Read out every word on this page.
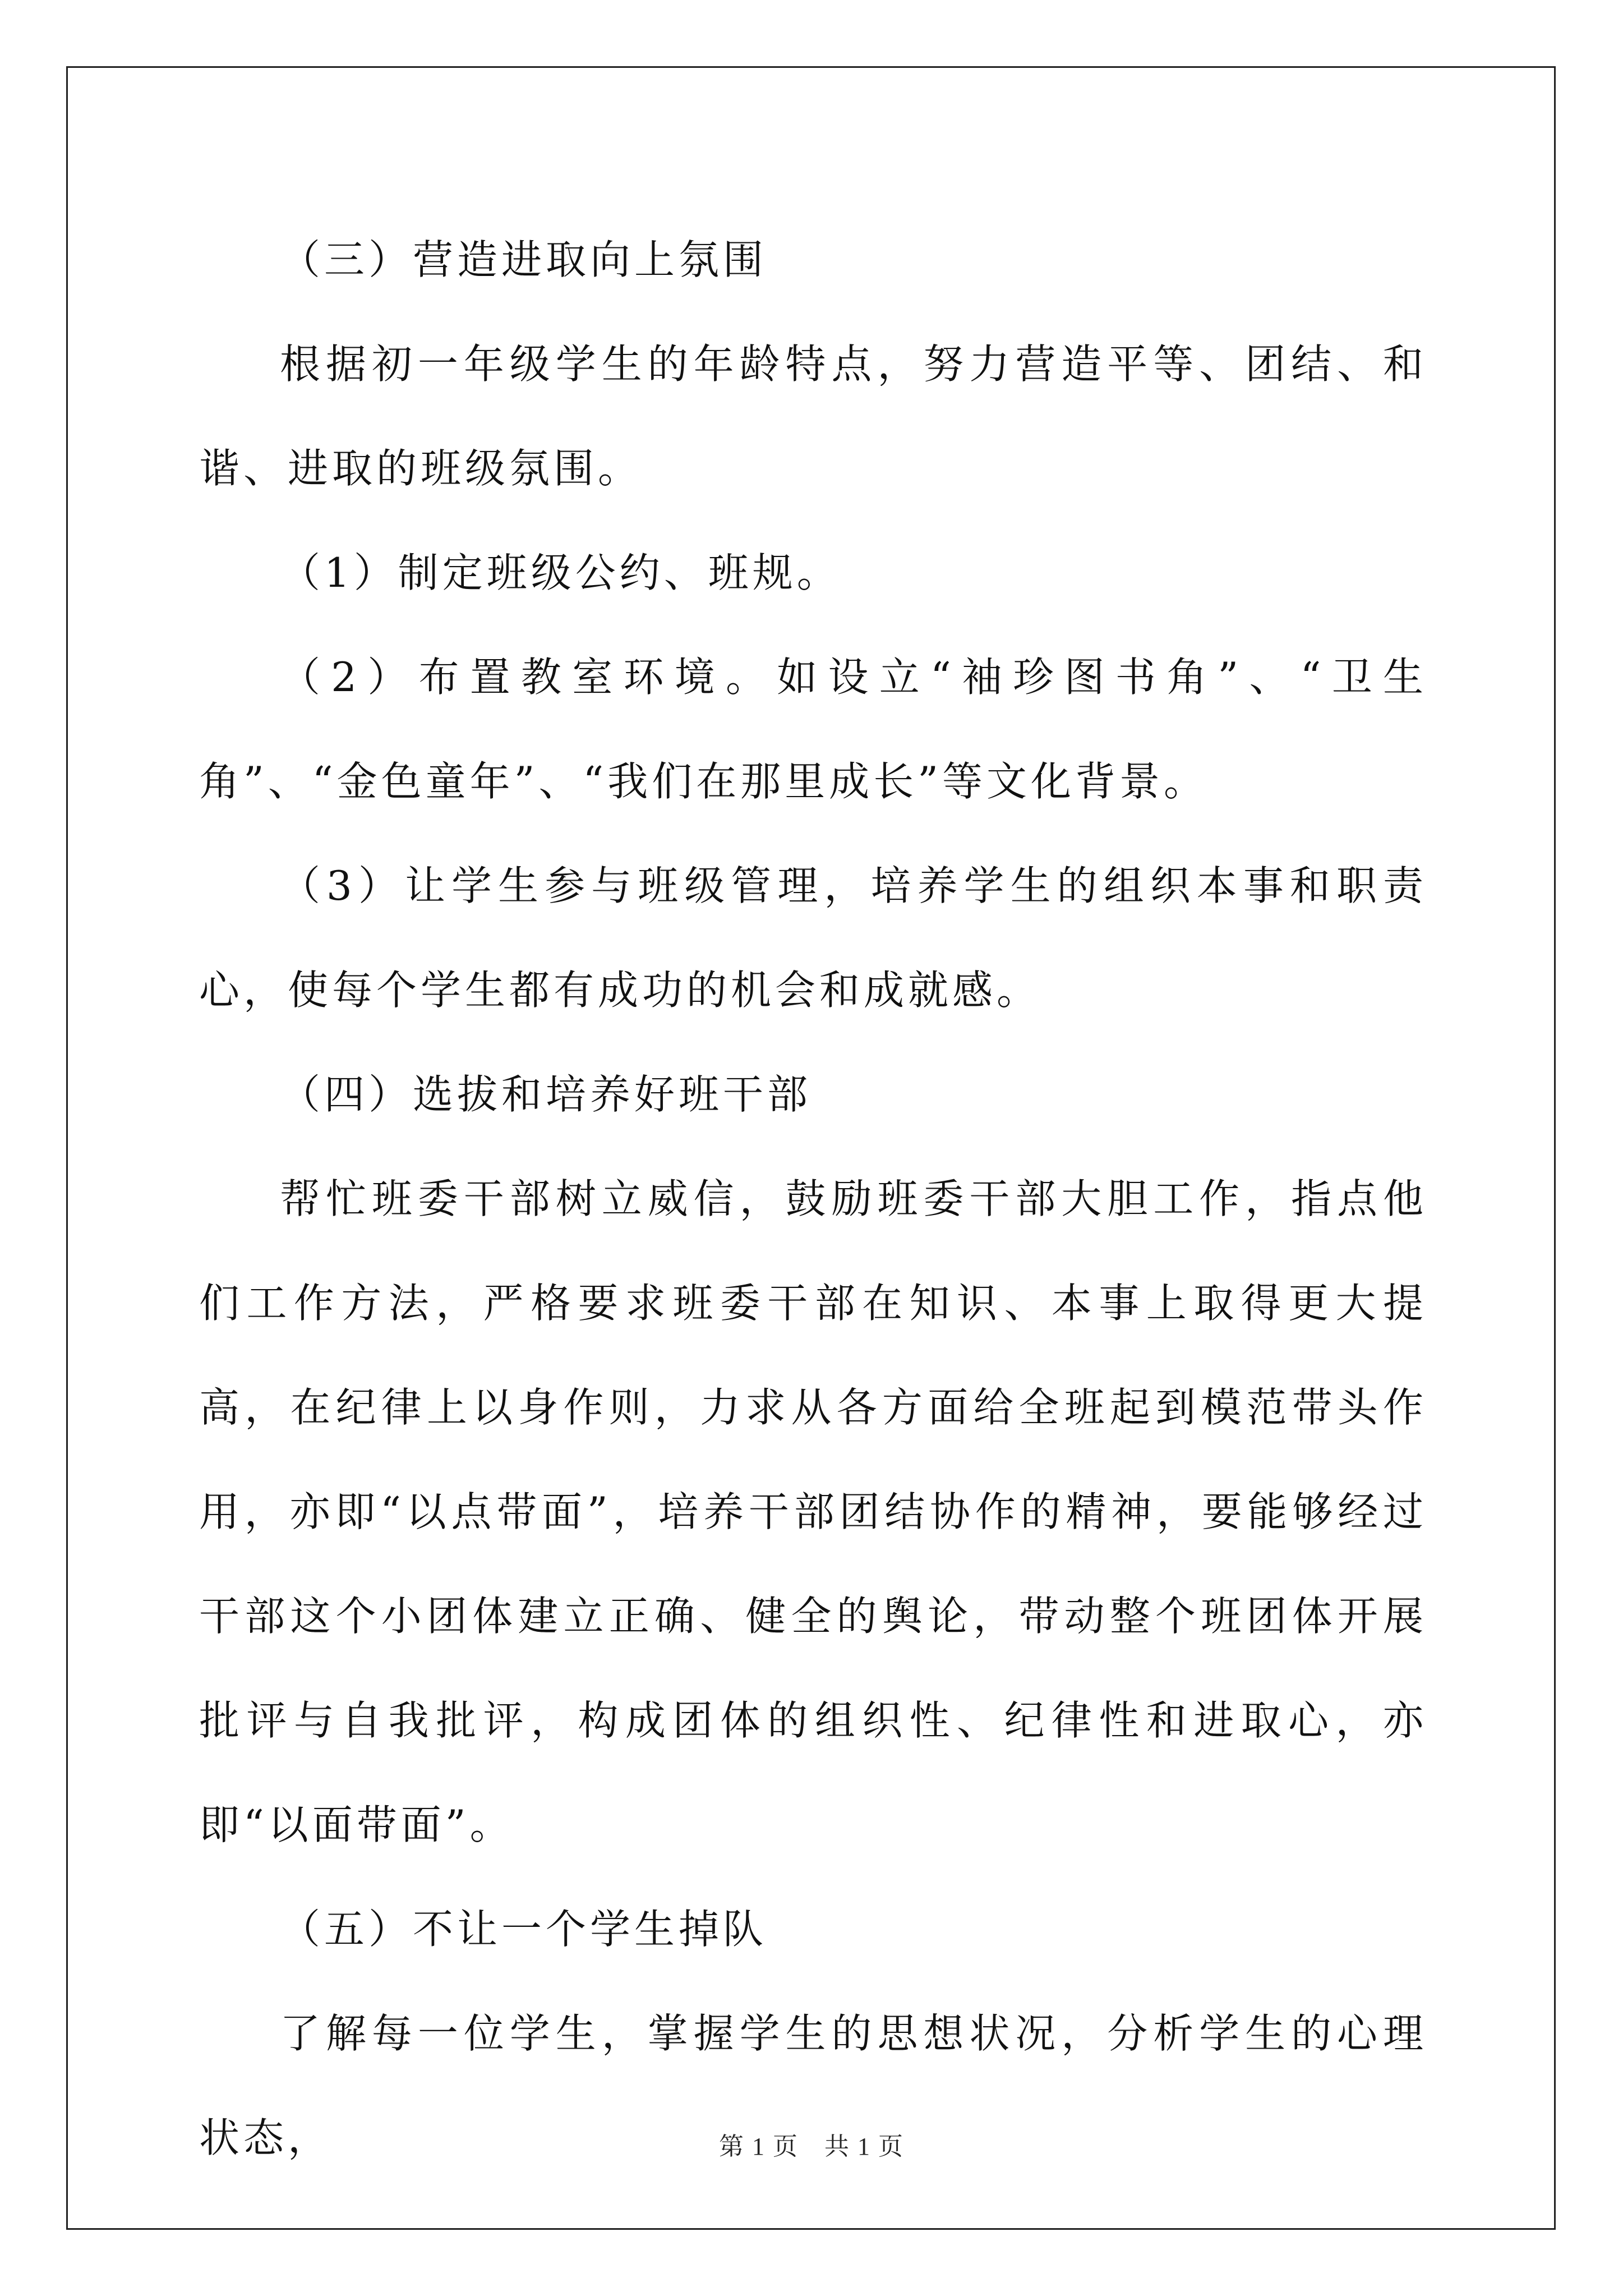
（三）营造进取向上氛围

根据初一年级学生的年龄特点，努力营造平等、团结、和谐、进取的班级氛围。

（1）制定班级公约、班规。

（2）布置教室环境。如设立“袖珍图书角”、“卫生角”、“金色童年”、“我们在那里成长”等文化背景。

（3）让学生参与班级管理，培养学生的组织本事和职责心，使每个学生都有成功的机会和成就感。

（四）选拔和培养好班干部

帮忙班委干部树立威信，鼓励班委干部大胆工作，指点他们工作方法，严格要求班委干部在知识、本事上取得更大提高，在纪律上以身作则，力求从各方面给全班起到模范带头作用，亦即“以点带面”，培养干部团结协作的精神，要能够经过干部这个小团体建立正确、健全的舆论，带动整个班团体开展批评与自我批评，构成团体的组织性、纪律性和进取心，亦即“以面带面”。

（五）不让一个学生掉队

了解每一位学生，掌握学生的思想状况，分析学生的心理状态，	第 1 页　共 1 页
